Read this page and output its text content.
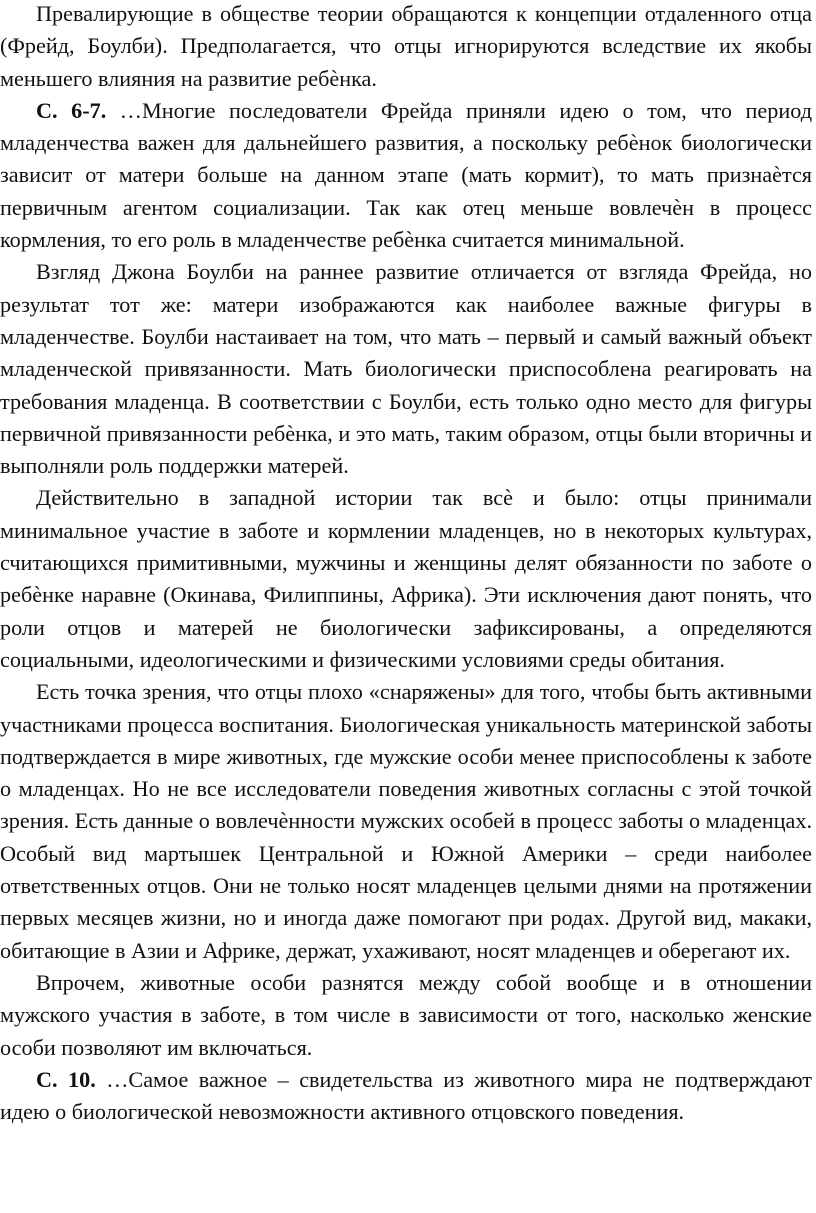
Превалирующие в обществе теории обращаются к концепции отдаленного отца (Фрейд, Боулби). Предполагается, что отцы игнорируются вследствие их якобы меньшего влияния на развитие ребѐнка.

С. 6-7. …Многие последователи Фрейда приняли идею о том, что период младенчества важен для дальнейшего развития, а поскольку ребѐнок биологически зависит от матери больше на данном этапе (мать кормит), то мать признаѐтся первичным агентом социализации. Так как отец меньше вовлечѐн в процесс кормления, то его роль в младенчестве ребѐнка считается минимальной.

Взгляд Джона Боулби на раннее развитие отличается от взгляда Фрейда, но результат тот же: матери изображаются как наиболее важные фигуры в младенчестве. Боулби настаивает на том, что мать – первый и самый важный объект младенческой привязанности. Мать биологически приспособлена реагировать на требования младенца. В соответствии с Боулби, есть только одно место для фигуры первичной привязанности ребѐнка, и это мать, таким образом, отцы были вторичны и выполняли роль поддержки матерей.

Действительно в западной истории так всѐ и было: отцы принимали минимальное участие в заботе и кормлении младенцев, но в некоторых культурах, считающихся примитивными, мужчины и женщины делят обязанности по заботе о ребѐнке наравне (Окинава, Филиппины, Африка). Эти исключения дают понять, что роли отцов и матерей не биологически зафиксированы, а определяются социальными, идеологическими и физическими условиями среды обитания.

Есть точка зрения, что отцы плохо «снаряжены» для того, чтобы быть активными участниками процесса воспитания. Биологическая уникальность материнской заботы подтверждается в мире животных, где мужские особи менее приспособлены к заботе о младенцах. Но не все исследователи поведения животных согласны с этой точкой зрения. Есть данные о вовлечѐнности мужских особей в процесс заботы о младенцах. Особый вид мартышек Центральной и Южной Америки – среди наиболее ответственных отцов. Они не только носят младенцев целыми днями на протяжении первых месяцев жизни, но и иногда даже помогают при родах. Другой вид, макаки, обитающие в Азии и Африке, держат, ухаживают, носят младенцев и оберегают их.

Впрочем, животные особи разнятся между собой вообще и в отношении мужского участия в заботе, в том числе в зависимости от того, насколько женские особи позволяют им включаться.

С. 10. …Самое важное – свидетельства из животного мира не подтверждают идею о биологической невозможности активного отцовского поведения.
